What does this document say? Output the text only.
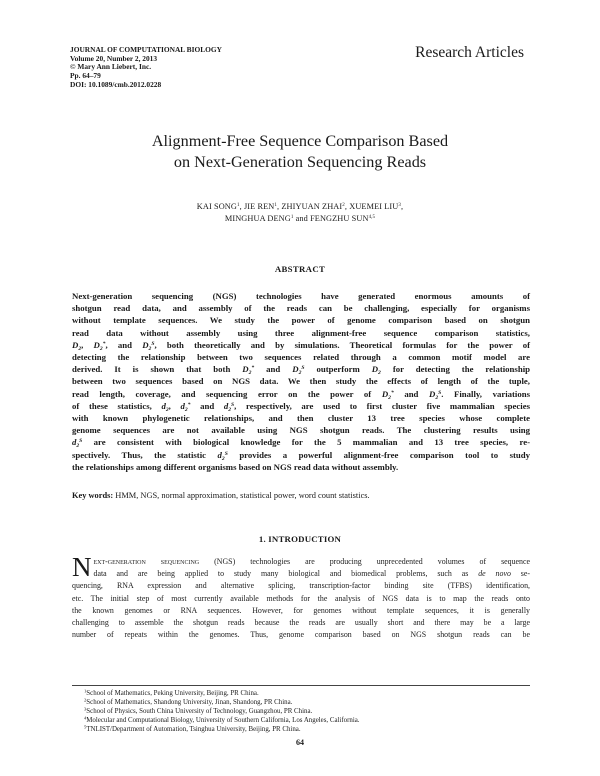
JOURNAL OF COMPUTATIONAL BIOLOGY
Volume 20, Number 2, 2013
© Mary Ann Liebert, Inc.
Pp. 64–79
DOI: 10.1089/cmb.2012.0228
Research Articles
Alignment-Free Sequence Comparison Based
on Next-Generation Sequencing Reads
KAI SONG$^1$, JIE REN$^1$, ZHIYUAN ZHAI$^2$, XUEMEI LIU$^3$,
MINGHUA DENG$^1$ and FENGZHU SUN$^{4,5}$
ABSTRACT
Next-generation sequencing (NGS) technologies have generated enormous amounts of
shotgun read data, and assembly of the reads can be challenging, especially for organisms
without template sequences. We study the power of genome comparison based on shotgun
read data without assembly using three alignment-free sequence comparison statistics,
$D_2$, $D_2^*$, and $D_2^S$, both theoretically and by simulations. Theoretical formulas for the power of
detecting the relationship between two sequences related through a common motif model are
derived. It is shown that both $D_2^*$ and $D_2^S$ outperform $D_2$ for detecting the relationship
between two sequences based on NGS data. We then study the effects of length of the tuple,
read length, coverage, and sequencing error on the power of $D_2^*$ and $D_2^S$. Finally, variations
of these statistics, $d_2$, $d_2^*$ and $d_2^S$, respectively, are used to first cluster five mammalian species
with known phylogenetic relationships, and then cluster 13 tree species whose complete
genome sequences are not available using NGS shotgun reads. The clustering results using
$d_2^S$ are consistent with biological knowledge for the 5 mammalian and 13 tree species, re-
spectively. Thus, the statistic $d_2^S$ provides a powerful alignment-free comparison tool to study
the relationships among different organisms based on NGS read data without assembly.
Key words: HMM, NGS, normal approximation, statistical power, word count statistics.
1. INTRODUCTION
N ext-generation sequencing (NGS) technologies are producing unprecedented volumes of sequence
data and are being applied to study many biological and biomedical problems, such as de novo se-
quencing, RNA expression and alternative splicing, transcription-factor binding site (TFBS) identification,
etc. The initial step of most currently available methods for the analysis of NGS data is to map the reads onto
the known genomes or RNA sequences. However, for genomes without template sequences, it is generally
challenging to assemble the shotgun reads because the reads are usually short and there may be a large
number of repeats within the genomes. Thus, genome comparison based on NGS shotgun reads can be
$^1$School of Mathematics, Peking University, Beijing, PR China.
$^2$School of Mathematics, Shandong University, Jinan, Shandong, PR China.
$^3$School of Physics, South China University of Technology, Guangzhou, PR China.
$^4$Molecular and Computational Biology, University of Southern California, Los Angeles, California.
$^5$TNLIST/Department of Automation, Tsinghua University, Beijing, PR China.
64
